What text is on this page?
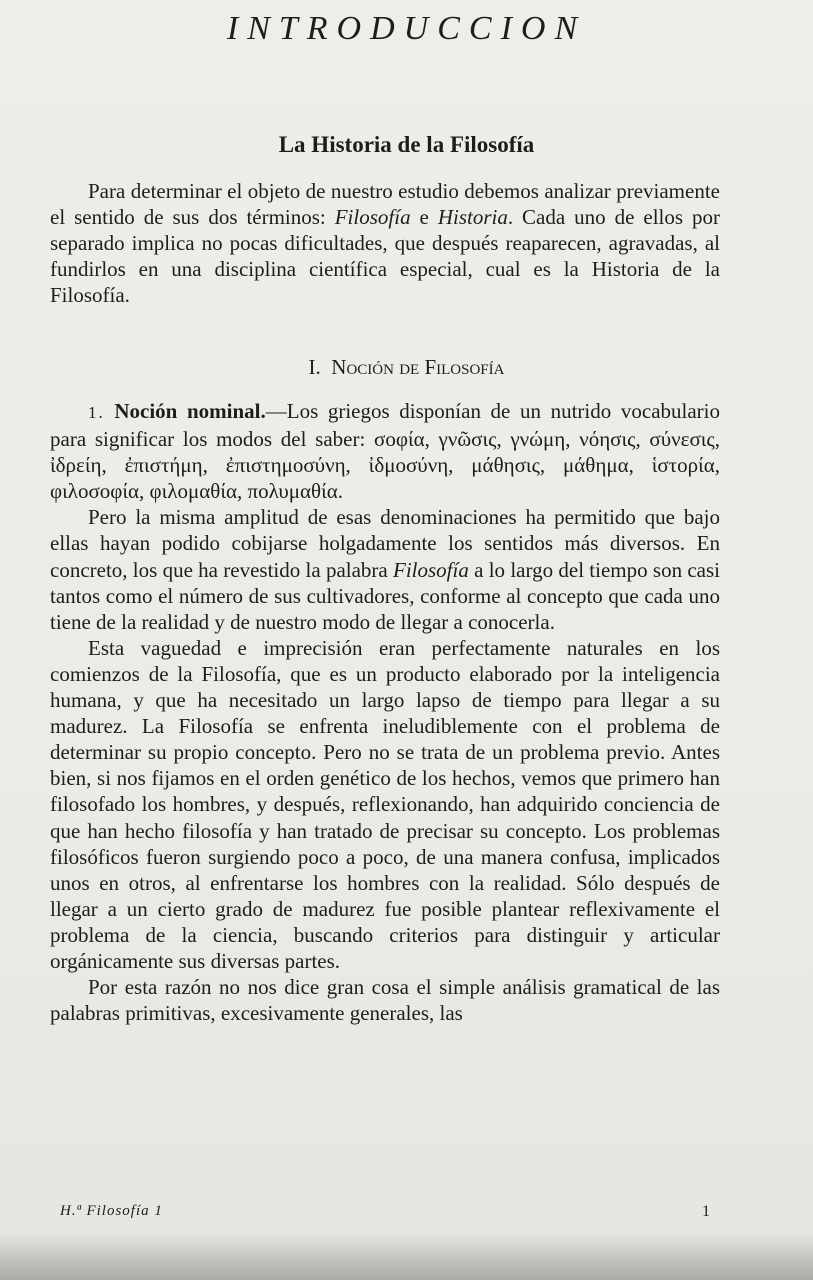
INTRODUCCION
La Historia de la Filosofía

Para determinar el objeto de nuestro estudio debemos analizar previamente el sentido de sus dos términos: Filosofía e Historia. Cada uno de ellos por separado implica no pocas dificultades, que después reaparecen, agravadas, al fundirlos en una disciplina científica especial, cual es la Historia de la Filosofía.

I. Noción de Filosofía

1. Noción nominal.—Los griegos disponían de un nutrido vocabulario para significar los modos del saber: σοφία, γνῶσις, γνώμη, νόησις, σύνεσις, ἰδρείη, ἐπιστήμη, ἐπιστημοσύνη, ἰδμοσύνη, μάθησις, μάθημα, ἱστορία, φιλοσοφία, φιλομαθία, πολυμαθία.

Pero la misma amplitud de esas denominaciones ha permitido que bajo ellas hayan podido cobijarse holgadamente los sentidos más diversos. En concreto, los que ha revestido la palabra Filosofía a lo largo del tiempo son casi tantos como el número de sus cultivadores, conforme al concepto que cada uno tiene de la realidad y de nuestro modo de llegar a conocerla.

Esta vaguedad e imprecisión eran perfectamente naturales en los comienzos de la Filosofía, que es un producto elaborado por la inteligencia humana, y que ha necesitado un largo lapso de tiempo para llegar a su madurez. La Filosofía se enfrenta ineludiblemente con el problema de determinar su propio concepto. Pero no se trata de un problema previo. Antes bien, si nos fijamos en el orden genético de los hechos, vemos que primero han filosofado los hombres, y después, reflexionando, han adquirido conciencia de que han hecho filosofía y han tratado de precisar su concepto. Los problemas filosóficos fueron surgiendo poco a poco, de una manera confusa, implicados unos en otros, al enfrentarse los hombres con la realidad. Sólo después de llegar a un cierto grado de madurez fue posible plantear reflexivamente el problema de la ciencia, buscando criterios para distinguir y articular orgánicamente sus diversas partes.

Por esta razón no nos dice gran cosa el simple análisis gramatical de las palabras primitivas, excesivamente generales, las

H.ª Filosofía 1	1
